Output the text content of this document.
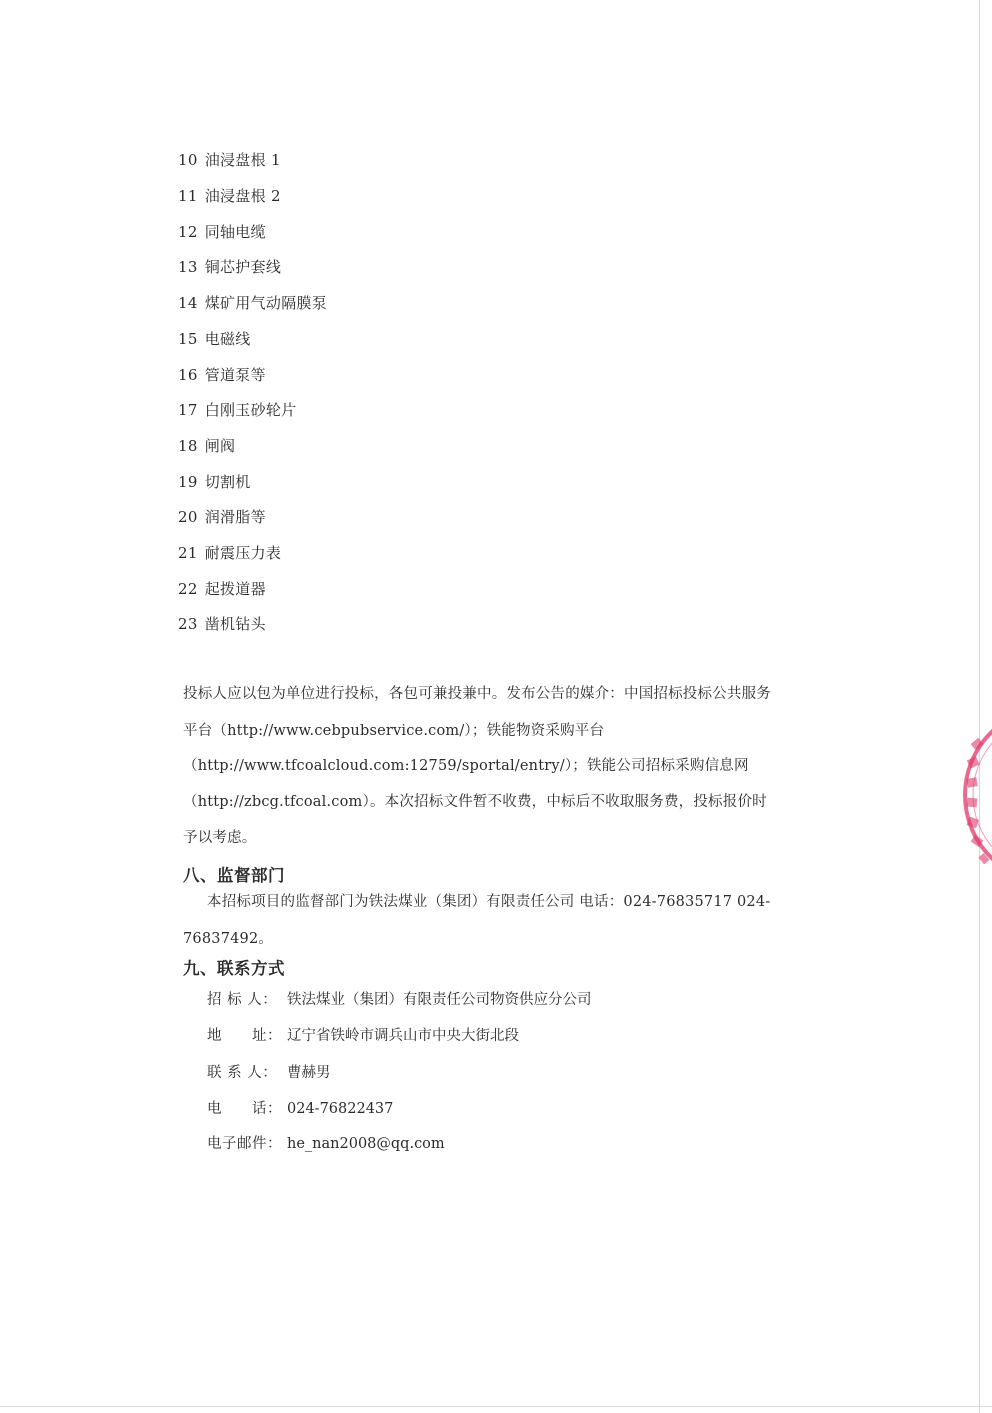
10 油浸盘根 1
11 油浸盘根 2
12 同轴电缆
13 铜芯护套线
14 煤矿用气动隔膜泵
15 电磁线
16 管道泵等
17 白刚玉砂轮片
18 闸阀
19 切割机
20 润滑脂等
21 耐震压力表
22 起拨道器
23 凿机钻头
投标人应以包为单位进行投标，各包可兼投兼中。发布公告的媒介：中国招标投标公共服务
平台（http://www.cebpubservice.com/）；铁能物资采购平台
（http://www.tfcoalcloud.com:12759/sportal/entry/）；铁能公司招标采购信息网
（http://zbcg.tfcoal.com）。本次招标文件暂不收费，中标后不收取服务费，投标报价时
予以考虑。
八、监督部门
本招标项目的监督部门为铁法煤业（集团）有限责任公司 电话：024-76835717 024-
76837492。
九、联系方式
招 标 人： 铁法煤业（集团）有限责任公司物资供应分公司
地　　址： 辽宁省铁岭市调兵山市中央大街北段
联 系 人： 曹赫男
电　　话： 024-76822437
电子邮件： he_nan2008@qq.com
